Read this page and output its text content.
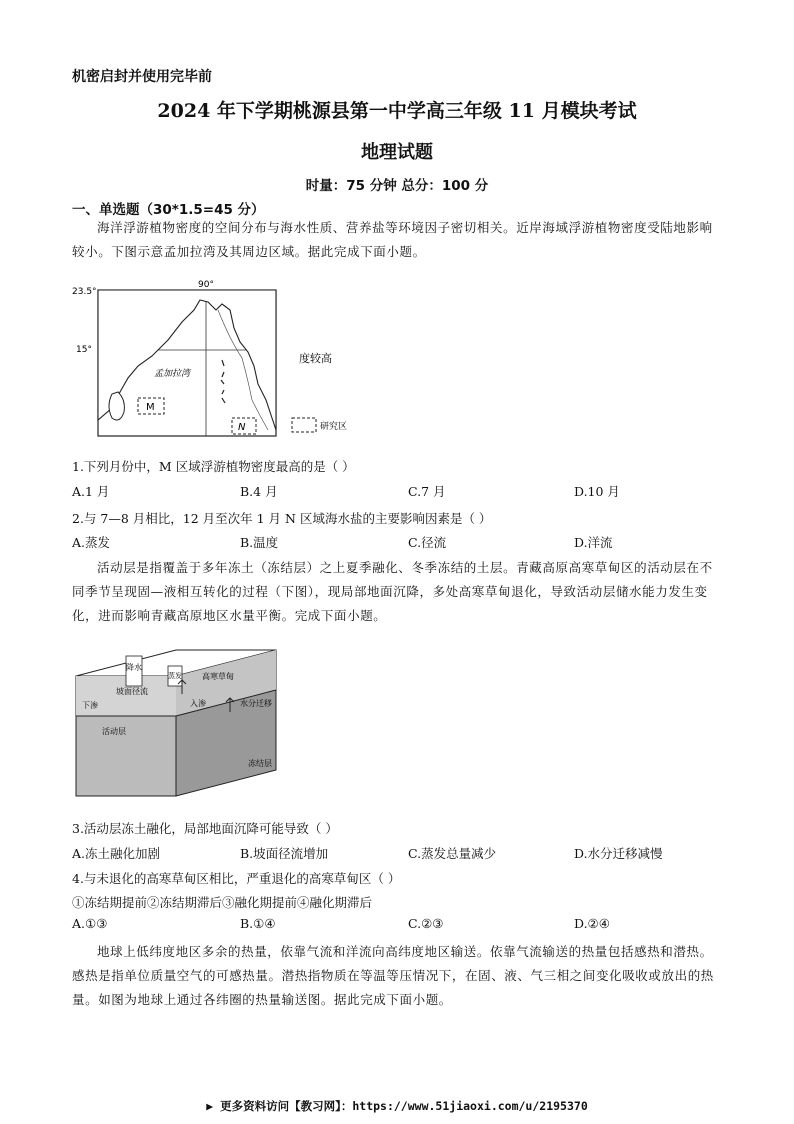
机密启封并使用完毕前
2024 年下学期桃源县第一中学高三年级 11 月模块考试
地理试题
时量：75 分钟 总分：100 分
一、单选题（30*1.5=45 分）
海洋浮游植物密度的空间分布与海水性质、营养盐等环境因子密切相关。近岸海域浮游植物密度受陆地影响较小。下图示意孟加拉湾及其周边区域。据此完成下面小题。
23.5°
15°
90°
孟加拉湾
M
N
度较高
研究区
1.下列月份中，M 区域浮游植物密度最高的是（ ）
A.1 月	B.4 月	C.7 月	D.10 月
2.与 7—8 月相比，12 月至次年 1 月 N 区域海水盐的主要影响因素是（ ）
A.蒸发	B.温度	C.径流	D.洋流
活动层是指覆盖于多年冻土（冻结层）之上夏季融化、冬季冻结的土层。青藏高原高寒草甸区的活动层在不同季节呈现固—液相互转化的过程（下图），现局部地面沉降，多处高寒草甸退化，导致活动层储水能力发生变化，进而影响青藏高原地区水量平衡。完成下面小题。
降水
蒸发	高寒草甸
坡面径流
入渗
下渗	水分迁移
活动层
冻结层
3.活动层冻土融化，局部地面沉降可能导致（ ）
A.冻土融化加剧	B.坡面径流增加	C.蒸发总量减少	D.水分迁移减慢
4.与未退化的高寒草甸区相比，严重退化的高寒草甸区（ ）
①冻结期提前②冻结期滞后③融化期提前④融化期滞后
A.①③	B.①④	C.②③	D.②④
地球上低纬度地区多余的热量，依靠气流和洋流向高纬度地区输送。依靠气流输送的热量包括感热和潜热。感热是指单位质量空气的可感热量。潜热指物质在等温等压情况下，在固、液、气三相之间变化吸收或放出的热量。如图为地球上通过各纬圈的热量输送图。据此完成下面小题。
▶ 更多资料访问【教习网】：https://www.51jiaoxi.com/u/2195370
